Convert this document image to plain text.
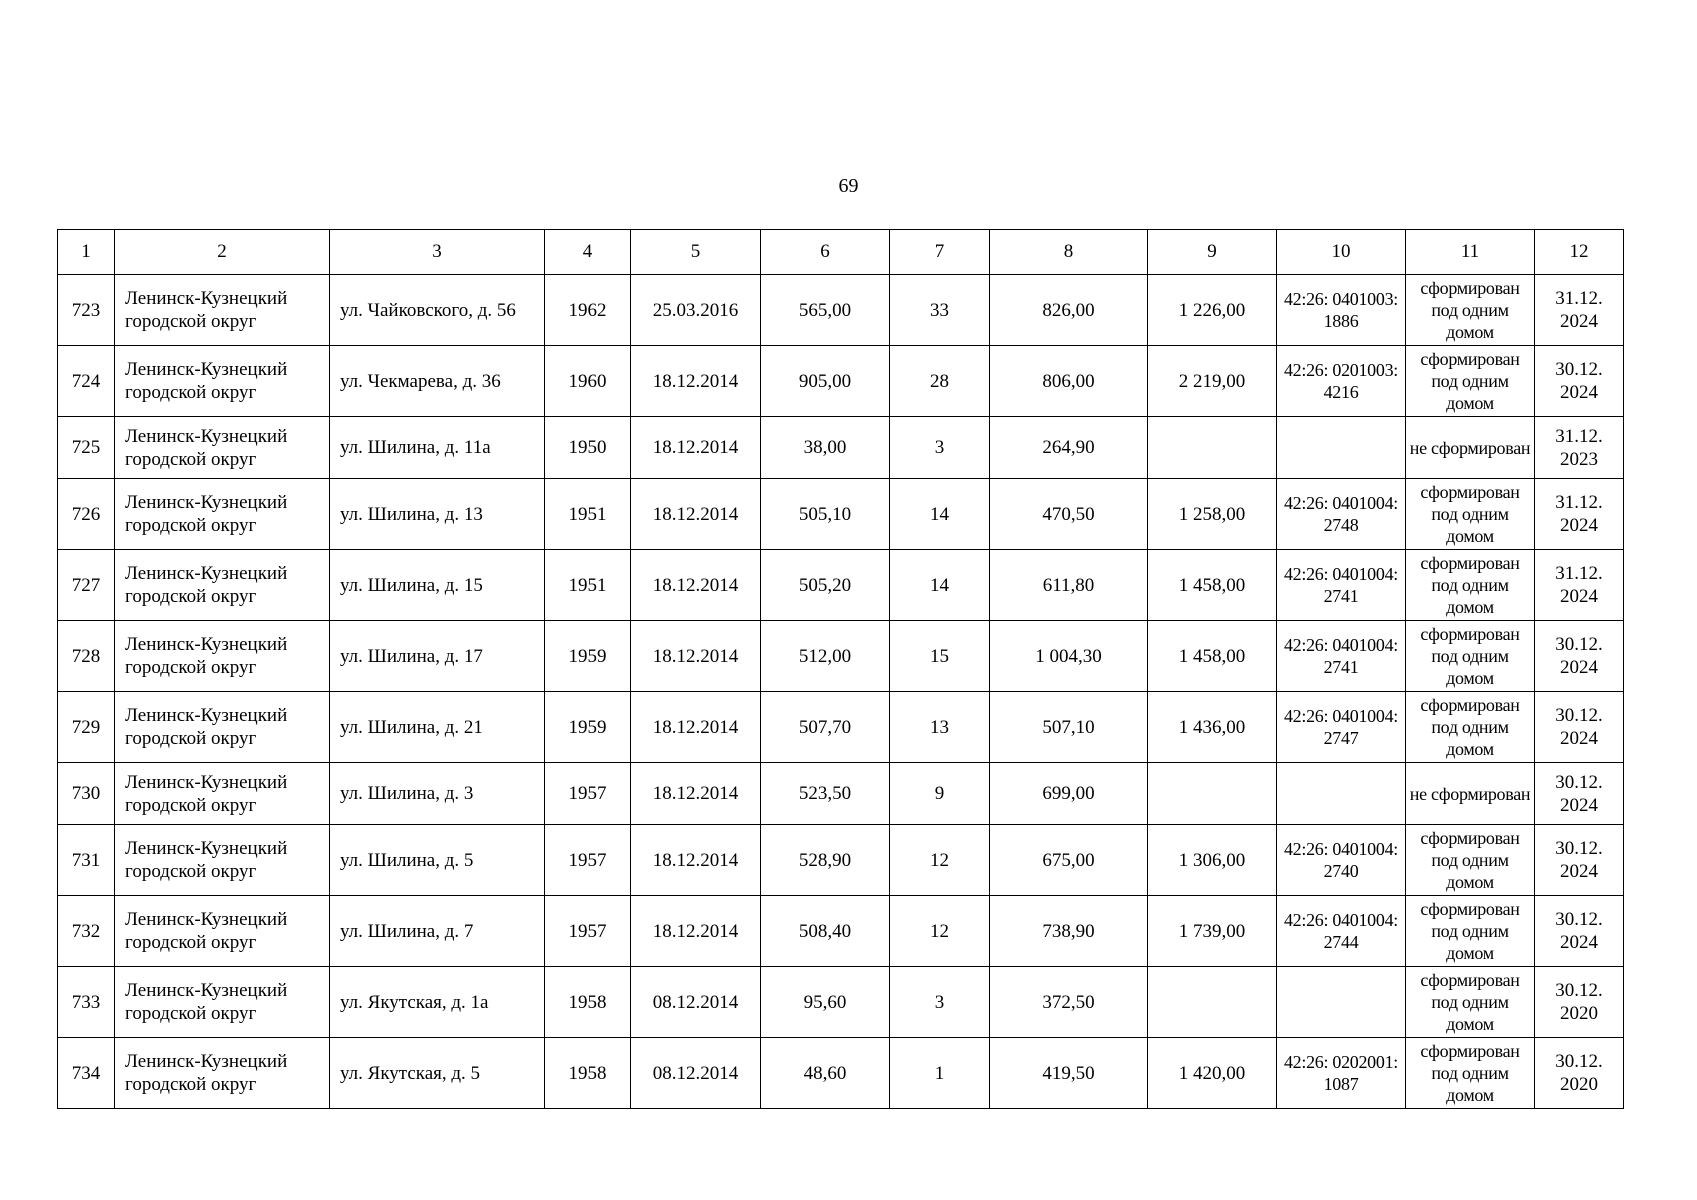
69
1	2	3	4	5	6	7	8	9	10	11	12
723	Ленинск-Кузнецкий городской округ	ул. Чайковского, д. 56	1962	25.03.2016	565,00	33	826,00	1 226,00	42:26: 0401003: 1886	сформирован под одним домом	31.12. 2024
724	Ленинск-Кузнецкий городской округ	ул. Чекмарева, д. 36	1960	18.12.2014	905,00	28	806,00	2 219,00	42:26: 0201003: 4216	сформирован под одним домом	30.12. 2024
725	Ленинск-Кузнецкий городской округ	ул. Шилина, д. 11а	1950	18.12.2014	38,00	3	264,90			не сформирован	31.12. 2023
726	Ленинск-Кузнецкий городской округ	ул. Шилина, д. 13	1951	18.12.2014	505,10	14	470,50	1 258,00	42:26: 0401004: 2748	сформирован под одним домом	31.12. 2024
727	Ленинск-Кузнецкий городской округ	ул. Шилина, д. 15	1951	18.12.2014	505,20	14	611,80	1 458,00	42:26: 0401004: 2741	сформирован под одним домом	31.12. 2024
728	Ленинск-Кузнецкий городской округ	ул. Шилина, д. 17	1959	18.12.2014	512,00	15	1 004,30	1 458,00	42:26: 0401004: 2741	сформирован под одним домом	30.12. 2024
729	Ленинск-Кузнецкий городской округ	ул. Шилина, д. 21	1959	18.12.2014	507,70	13	507,10	1 436,00	42:26: 0401004: 2747	сформирован под одним домом	30.12. 2024
730	Ленинск-Кузнецкий городской округ	ул. Шилина, д. 3	1957	18.12.2014	523,50	9	699,00			не сформирован	30.12. 2024
731	Ленинск-Кузнецкий городской округ	ул. Шилина, д. 5	1957	18.12.2014	528,90	12	675,00	1 306,00	42:26: 0401004: 2740	сформирован под одним домом	30.12. 2024
732	Ленинск-Кузнецкий городской округ	ул. Шилина, д. 7	1957	18.12.2014	508,40	12	738,90	1 739,00	42:26: 0401004: 2744	сформирован под одним домом	30.12. 2024
733	Ленинск-Кузнецкий городской округ	ул. Якутская, д. 1а	1958	08.12.2014	95,60	3	372,50			сформирован под одним домом	30.12. 2020
734	Ленинск-Кузнецкий городской округ	ул. Якутская, д. 5	1958	08.12.2014	48,60	1	419,50	1 420,00	42:26: 0202001: 1087	сформирован под одним домом	30.12. 2020
